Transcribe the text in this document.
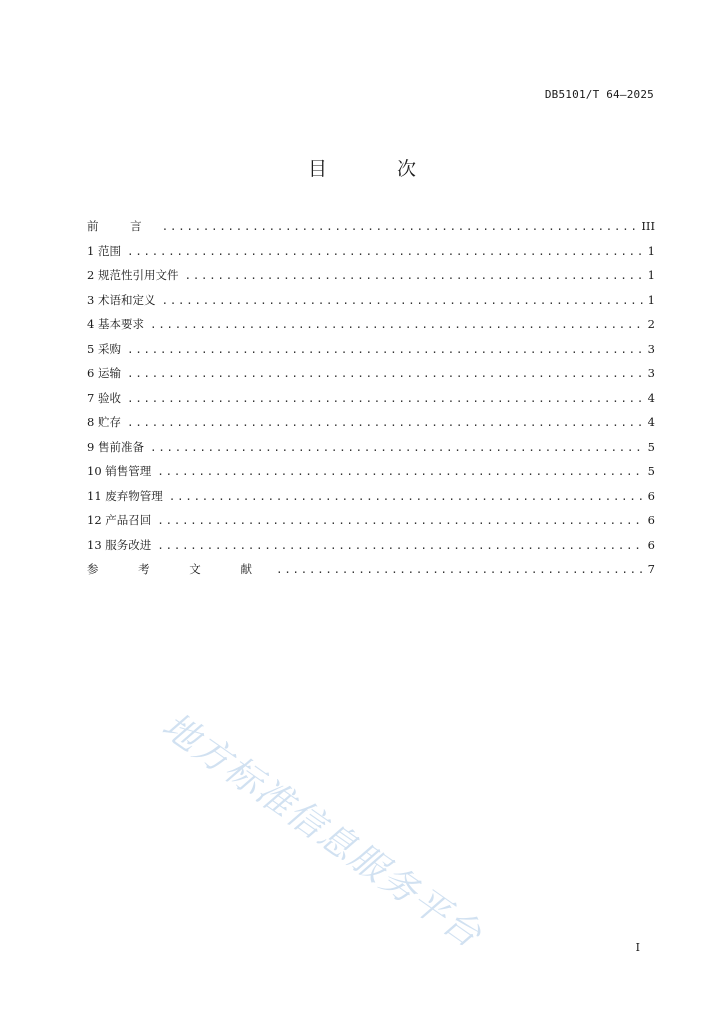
DB5101/T 64—2025
目 次
前 言 .....	III
1 范围 .....	1
2 规范性引用文件 .....	1
3 术语和定义 .....	1
4 基本要求 .....	2
5 采购 .....	3
6 运输 .....	3
7 验收 .....	4
8 贮存 .....	4
9 售前准备 .....	5
10 销售管理 .....	5
11 废弃物管理 .....	6
12 产品召回 .....	6
13 服务改进 .....	6
参 考 文 献 .....	7
地方标准信息服务平台	I
